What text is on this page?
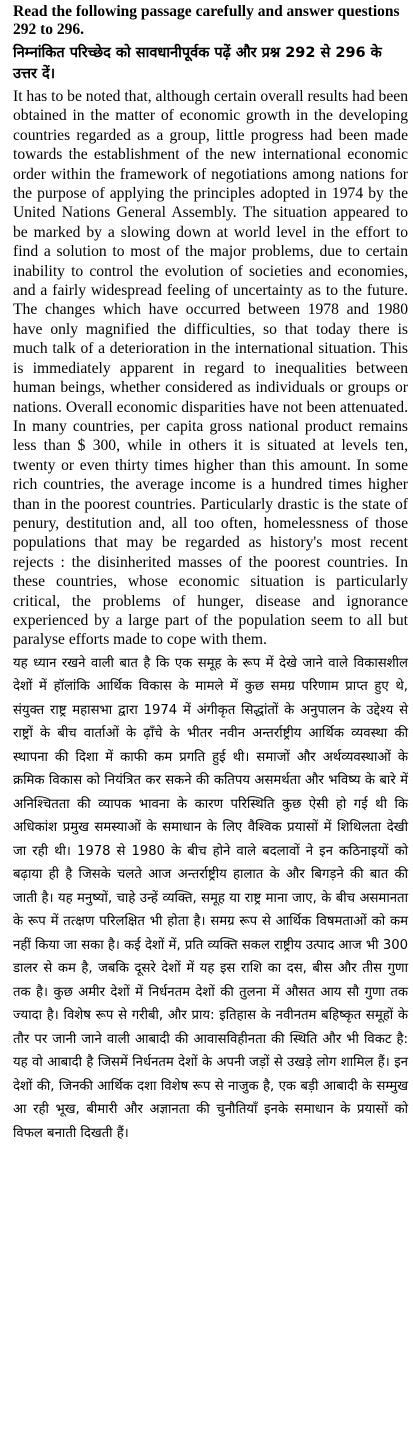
Read the following passage carefully and answer questions 292 to 296.

निम्नांकित परिच्छेद को सावधानीपूर्वक पढ़ें और प्रश्न 292 से 296 के उत्तर दें।

It has to be noted that, although certain overall results had been obtained in the matter of economic growth in the developing countries regarded as a group, little progress had been made towards the establishment of the new international economic order within the framework of negotiations among nations for the purpose of applying the principles adopted in 1974 by the United Nations General Assembly. The situation appeared to be marked by a slowing down at world level in the effort to find a solution to most of the major problems, due to certain inability to control the evolution of societies and economies, and a fairly widespread feeling of uncertainty as to the future. The changes which have occurred between 1978 and 1980 have only magnified the difficulties, so that today there is much talk of a deterioration in the international situation. This is immediately apparent in regard to inequalities between human beings, whether considered as individuals or groups or nations. Overall economic disparities have not been attenuated. In many countries, per capita gross national product remains less than $ 300, while in others it is situated at levels ten, twenty or even thirty times higher than this amount. In some rich countries, the average income is a hundred times higher than in the poorest countries. Particularly drastic is the state of penury, destitution and, all too often, homelessness of those populations that may be regarded as history's most recent rejects : the disinherited masses of the poorest countries. In these countries, whose economic situation is particularly critical, the problems of hunger, disease and ignorance experienced by a large part of the population seem to all but paralyse efforts made to cope with them.

यह ध्यान रखने वाली बात है कि एक समूह के रूप में देखे जाने वाले विकासशील देशों में हॉलांकि आर्थिक विकास के मामले में कुछ समग्र परिणाम प्राप्त हुए थे, संयुक्त राष्ट्र महासभा द्वारा 1974 में अंगीकृत सिद्धांतों के अनुपालन के उद्देश्य से राष्ट्रों के बीच वार्ताओं के ढ़ाँचे के भीतर नवीन अन्तर्राष्ट्रीय आर्थिक व्यवस्था की स्थापना की दिशा में काफी कम प्रगति हुई थी। समाजों और अर्थव्यवस्थाओं के क्रमिक विकास को नियंत्रित कर सकने की कतिपय असमर्थता और भविष्य के बारे में अनिश्चितता की व्यापक भावना के कारण परिस्थिति कुछ ऐसी हो गई थी कि अधिकांश प्रमुख समस्याओं के समाधान के लिए वैश्विक प्रयासों में शिथिलता देखी जा रही थी। 1978 से 1980 के बीच होने वाले बदलावों ने इन कठिनाइयों को बढ़ाया ही है जिसके चलते आज अन्तर्राष्ट्रीय हालात के और बिगड़ने की बात की जाती है। यह मनुष्यों, चाहे उन्हें व्यक्ति, समूह या राष्ट्र माना जाए, के बीच असमानता के रूप में तत्क्षण परिलक्षित भी होता है। समग्र रूप से आर्थिक विषमताओं को कम नहीं किया जा सका है। कई देशों में, प्रति व्यक्ति सकल राष्ट्रीय उत्पाद आज भी 300 डालर से कम है, जबकि दूसरे देशों में यह इस राशि का दस, बीस और तीस गुणा तक है। कुछ अमीर देशों में निर्धनतम देशों की तुलना में औसत आय सौ गुणा तक ज्यादा है। विशेष रूप से गरीबी, और प्राय: इतिहास के नवीनतम बहिष्कृत समूहों के तौर पर जानी जाने वाली आबादी की आवासविहीनता की स्थिति और भी विकट है: यह वो आबादी है जिसमें निर्धनतम देशों के अपनी जड़ों से उखड़े लोग शामिल हैं। इन देशों की, जिनकी आर्थिक दशा विशेष रूप से नाजुक है, एक बड़ी आबादी के सम्मुख आ रही भूख, बीमारी और अज्ञानता की चुनौतियाँ इनके समाधान के प्रयासों को विफल बनाती दिखती हैं।
